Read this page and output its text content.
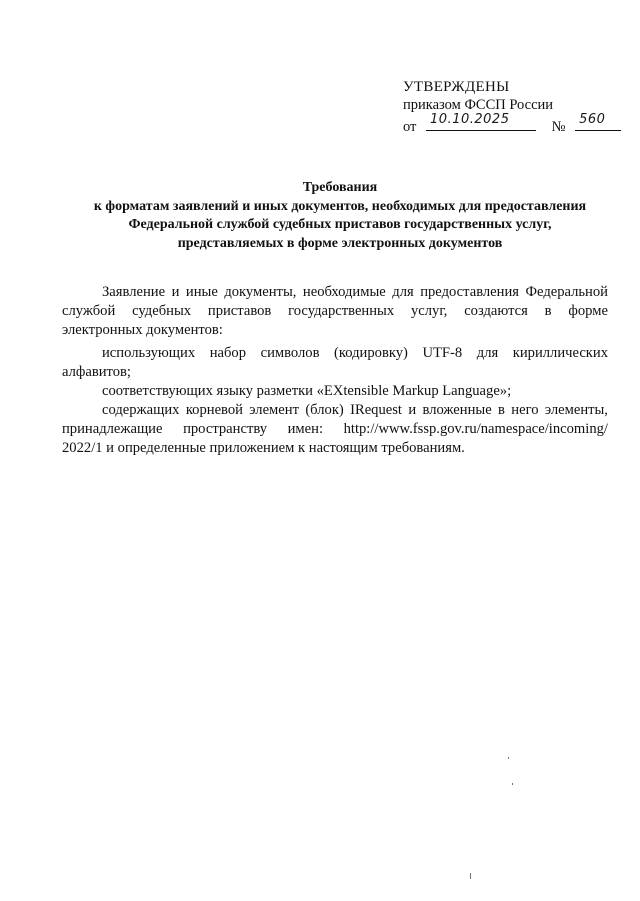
УТВЕРЖДЕНЫ
приказом ФССП России
от 10.10.2025	№ 560
Требования
к форматам заявлений и иных документов, необходимых для предоставления
Федеральной службой судебных приставов государственных услуг,
представляемых в форме электронных документов
Заявление и иные документы, необходимые для предоставления Федеральной
службой судебных приставов государственных услуг, создаются в форме
электронных документов:
использующих набор символов (кодировку) UTF-8 для кириллических
алфавитов;
соответствующих языку разметки «EXtensible Markup Language»;
содержащих корневой элемент (блок) IRequest и вложенные в него элементы,
принадлежащие пространству имен: http://www.fssp.gov.ru/namespace/incoming/
2022/1 и определенные приложением к настоящим требованиям.
